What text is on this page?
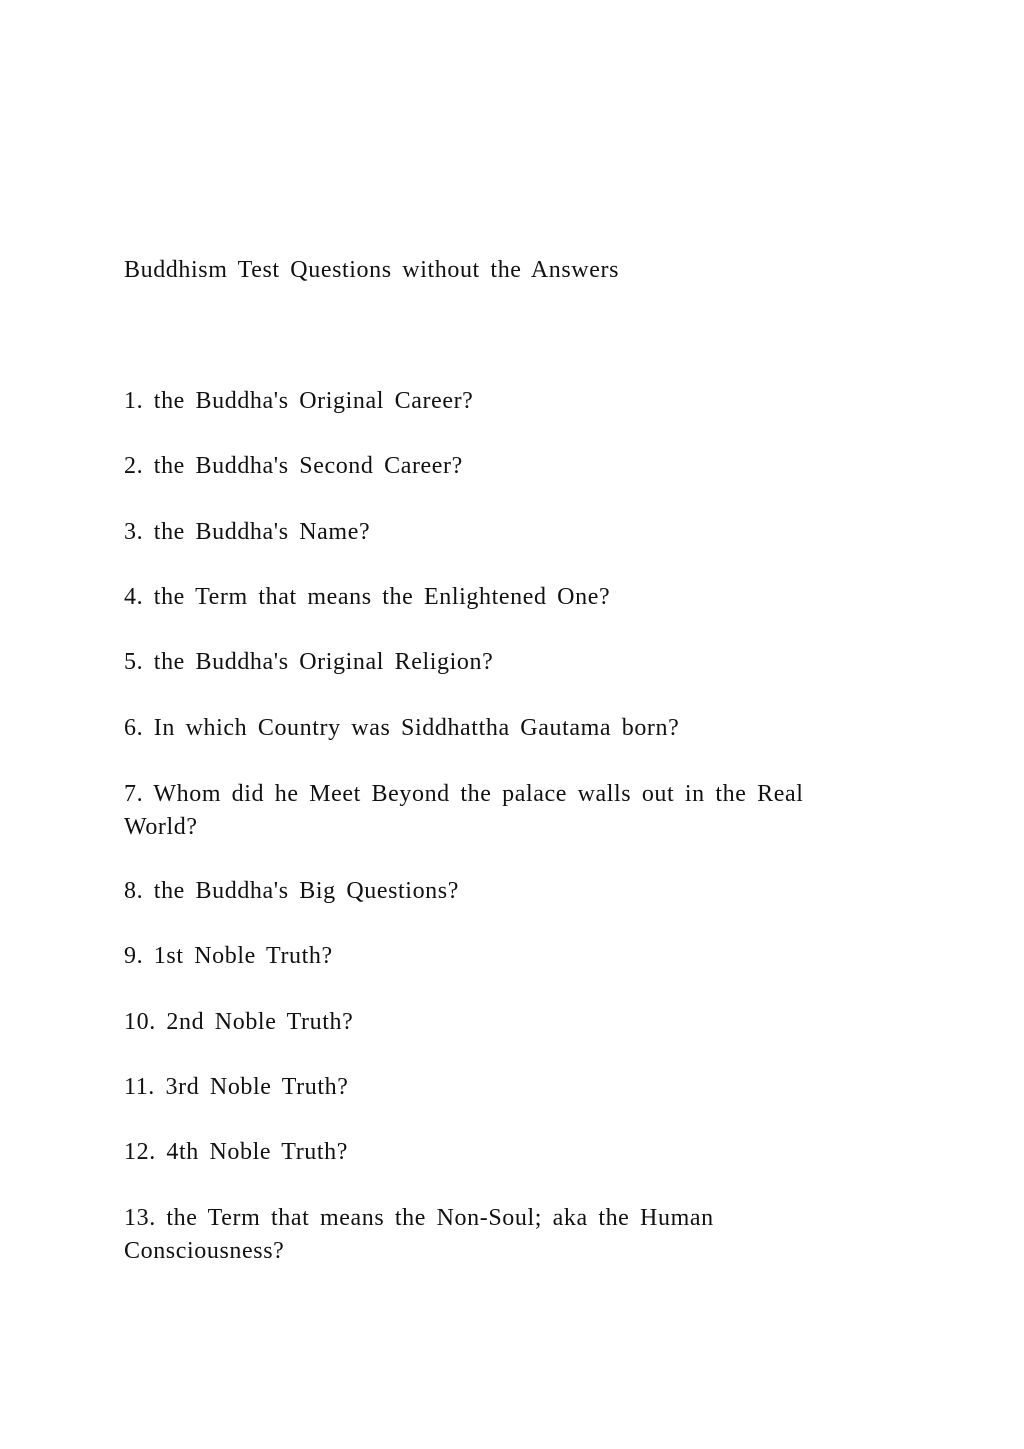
Buddhism Test Questions without the Answers

1. the Buddha's Original Career?

2. the Buddha's Second Career?

3. the Buddha's Name?

4. the Term that means the Enlightened One?

5. the Buddha's Original Religion?

6. In which Country was Siddhattha Gautama born?

7. Whom did he Meet Beyond the palace walls out in the Real World?

8. the Buddha's Big Questions?

9. 1st Noble Truth?

10. 2nd Noble Truth?

11. 3rd Noble Truth?

12. 4th Noble Truth?

13. the Term that means the Non-Soul; aka the Human Consciousness?
